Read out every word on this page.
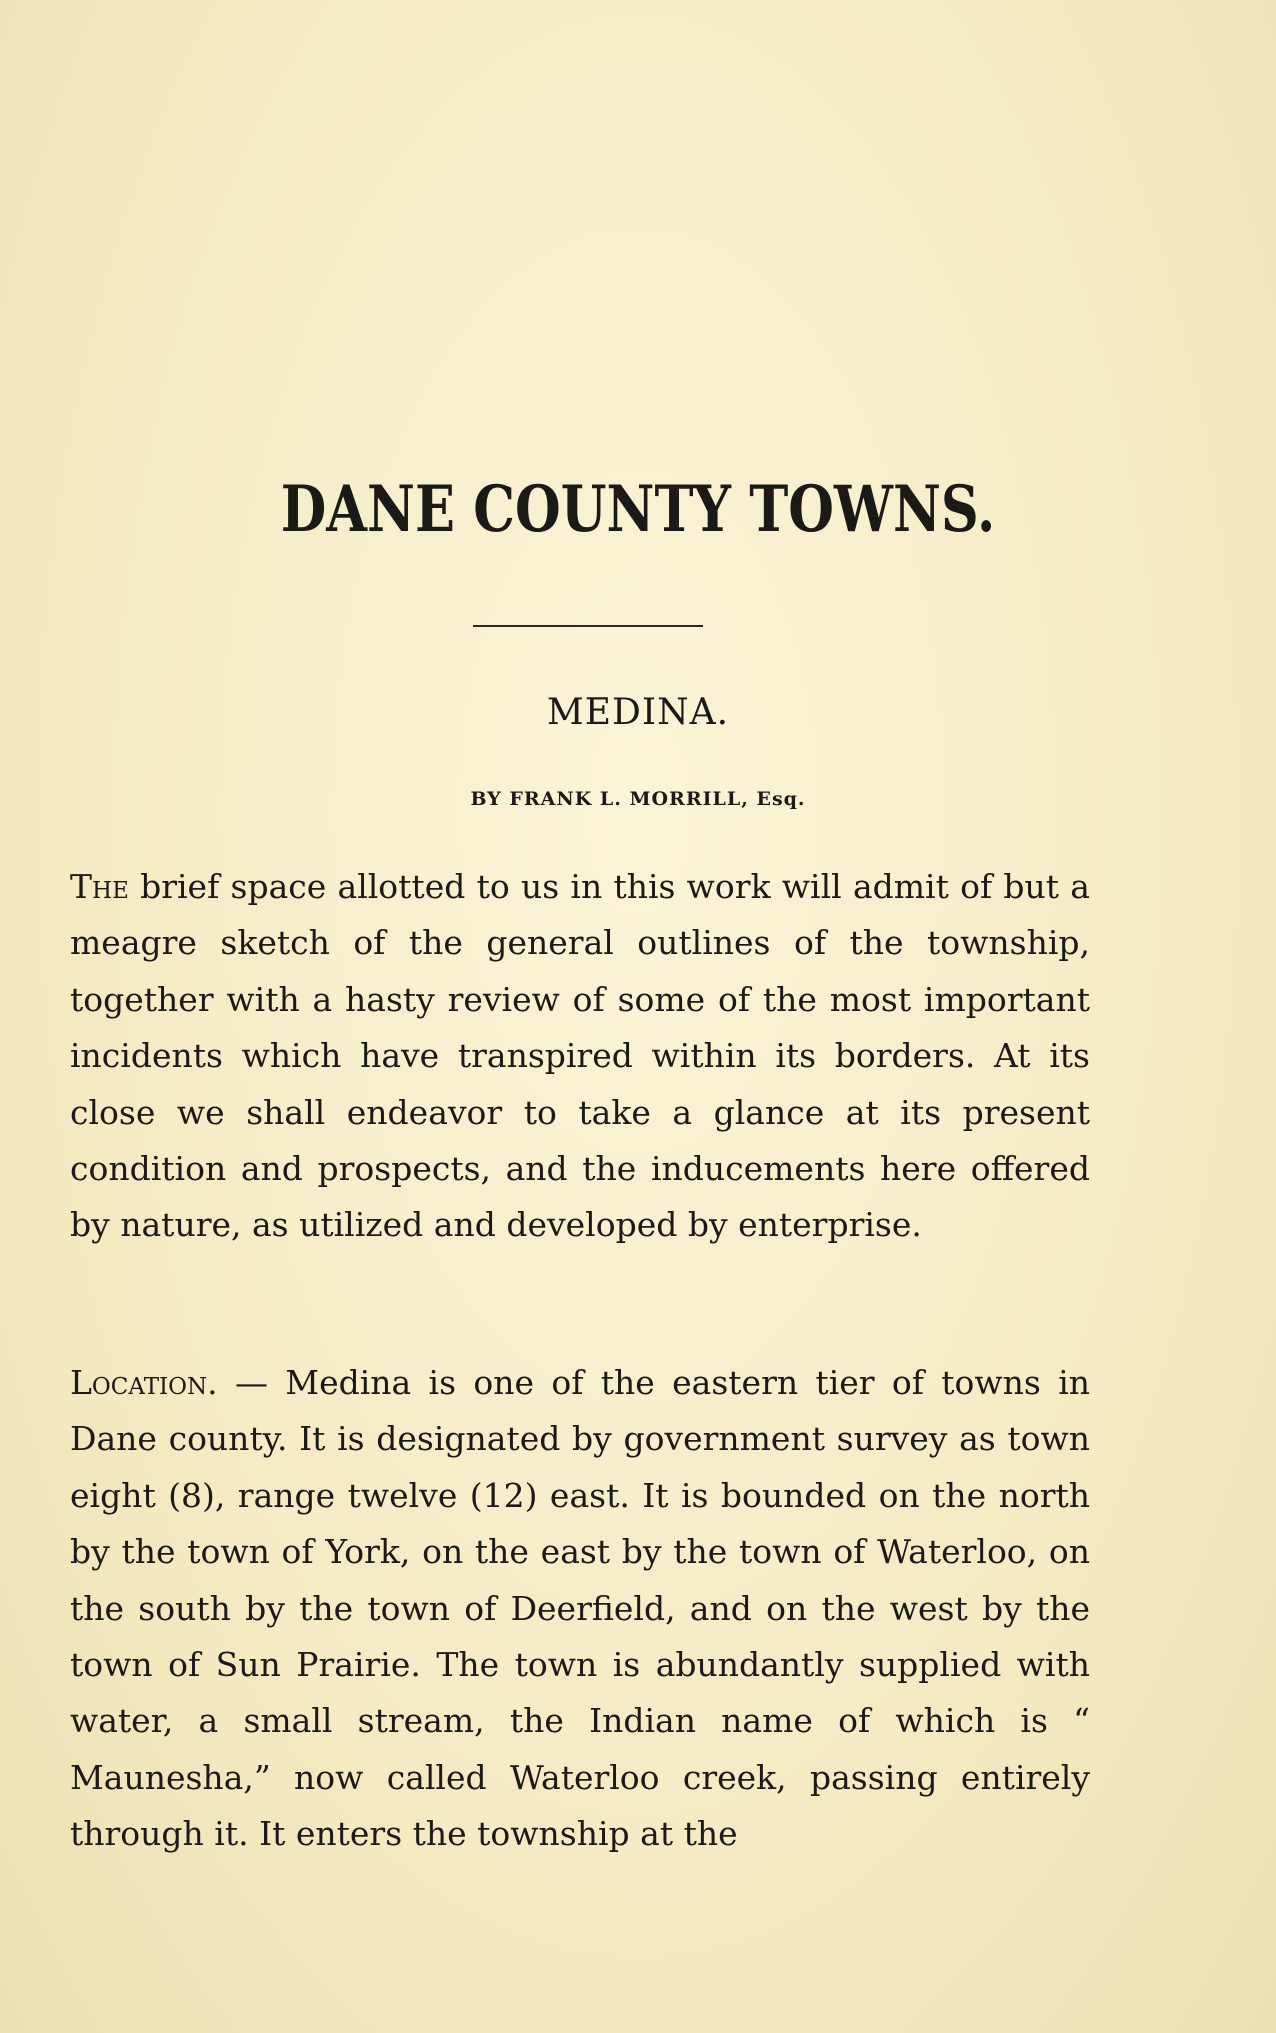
DANE COUNTY TOWNS.
MEDINA.
BY FRANK L. MORRILL, Esq.

The brief space allotted to us in this work will admit of but a meagre sketch of the general outlines of the township, together with a hasty review of some of the most important incidents which have transpired within its borders. At its close we shall endeavor to take a glance at its present condition and prospects, and the inducements here offered by nature, as utilized and developed by enterprise.

Location. — Medina is one of the eastern tier of towns in Dane county. It is designated by government survey as town eight (8), range twelve (12) east. It is bounded on the north by the town of York, on the east by the town of Waterloo, on the south by the town of Deerfield, and on the west by the town of Sun Prairie. The town is abundantly supplied with water, a small stream, the Indian name of which is “ Maunesha,” now called Waterloo creek, passing entirely through it. It enters the township at the
